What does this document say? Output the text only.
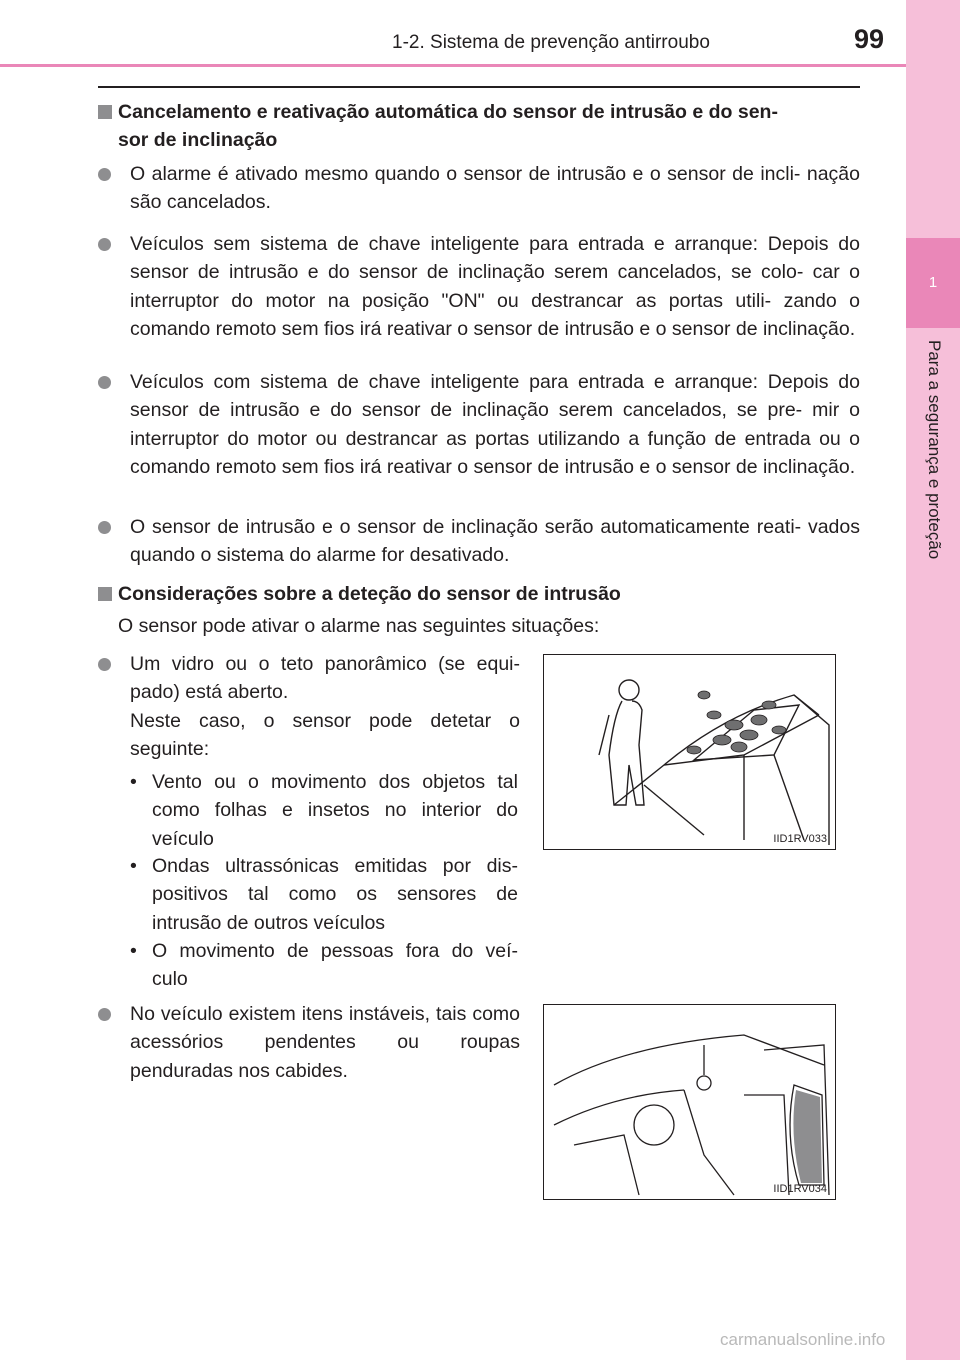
1
Para a segurança e proteção
1-2. Sistema de prevenção antirroubo	99
Cancelamento e reativação automática do sensor de intrusão e do sen-
sor de inclinação
O alarme é ativado mesmo quando o sensor de intrusão e o sensor de incli- nação são cancelados.
Veículos sem sistema de chave inteligente para entrada e arranque: Depois do sensor de intrusão e do sensor de inclinação serem cancelados, se colo- car o interruptor do motor na posição "ON" ou destrancar as portas utili- zando o comando remoto sem fios irá reativar o sensor de intrusão e o sensor de inclinação.
Veículos com sistema de chave inteligente para entrada e arranque: Depois do sensor de intrusão e do sensor de inclinação serem cancelados, se pre- mir o interruptor do motor ou destrancar as portas utilizando a função de entrada ou o comando remoto sem fios irá reativar o sensor de intrusão e o sensor de inclinação.
O sensor de intrusão e o sensor de inclinação serão automaticamente reati- vados quando o sistema do alarme for desativado.
Considerações sobre a deteção do sensor de intrusão
O sensor pode ativar o alarme nas seguintes situações:
Um vidro ou o teto panorâmico (se equi- pado) está aberto.
Neste caso, o sensor pode detetar o seguinte:
• Vento ou o movimento dos objetos tal como folhas e insetos no interior do veículo
• Ondas ultrassónicas emitidas por dis- positivos tal como os sensores de intrusão de outros veículos
• O movimento de pessoas fora do veí- culo
No veículo existem itens instáveis, tais como acessórios pendentes ou roupas penduradas nos cabides.
IID1RV033
IID1RV034
carmanualsonline.info
